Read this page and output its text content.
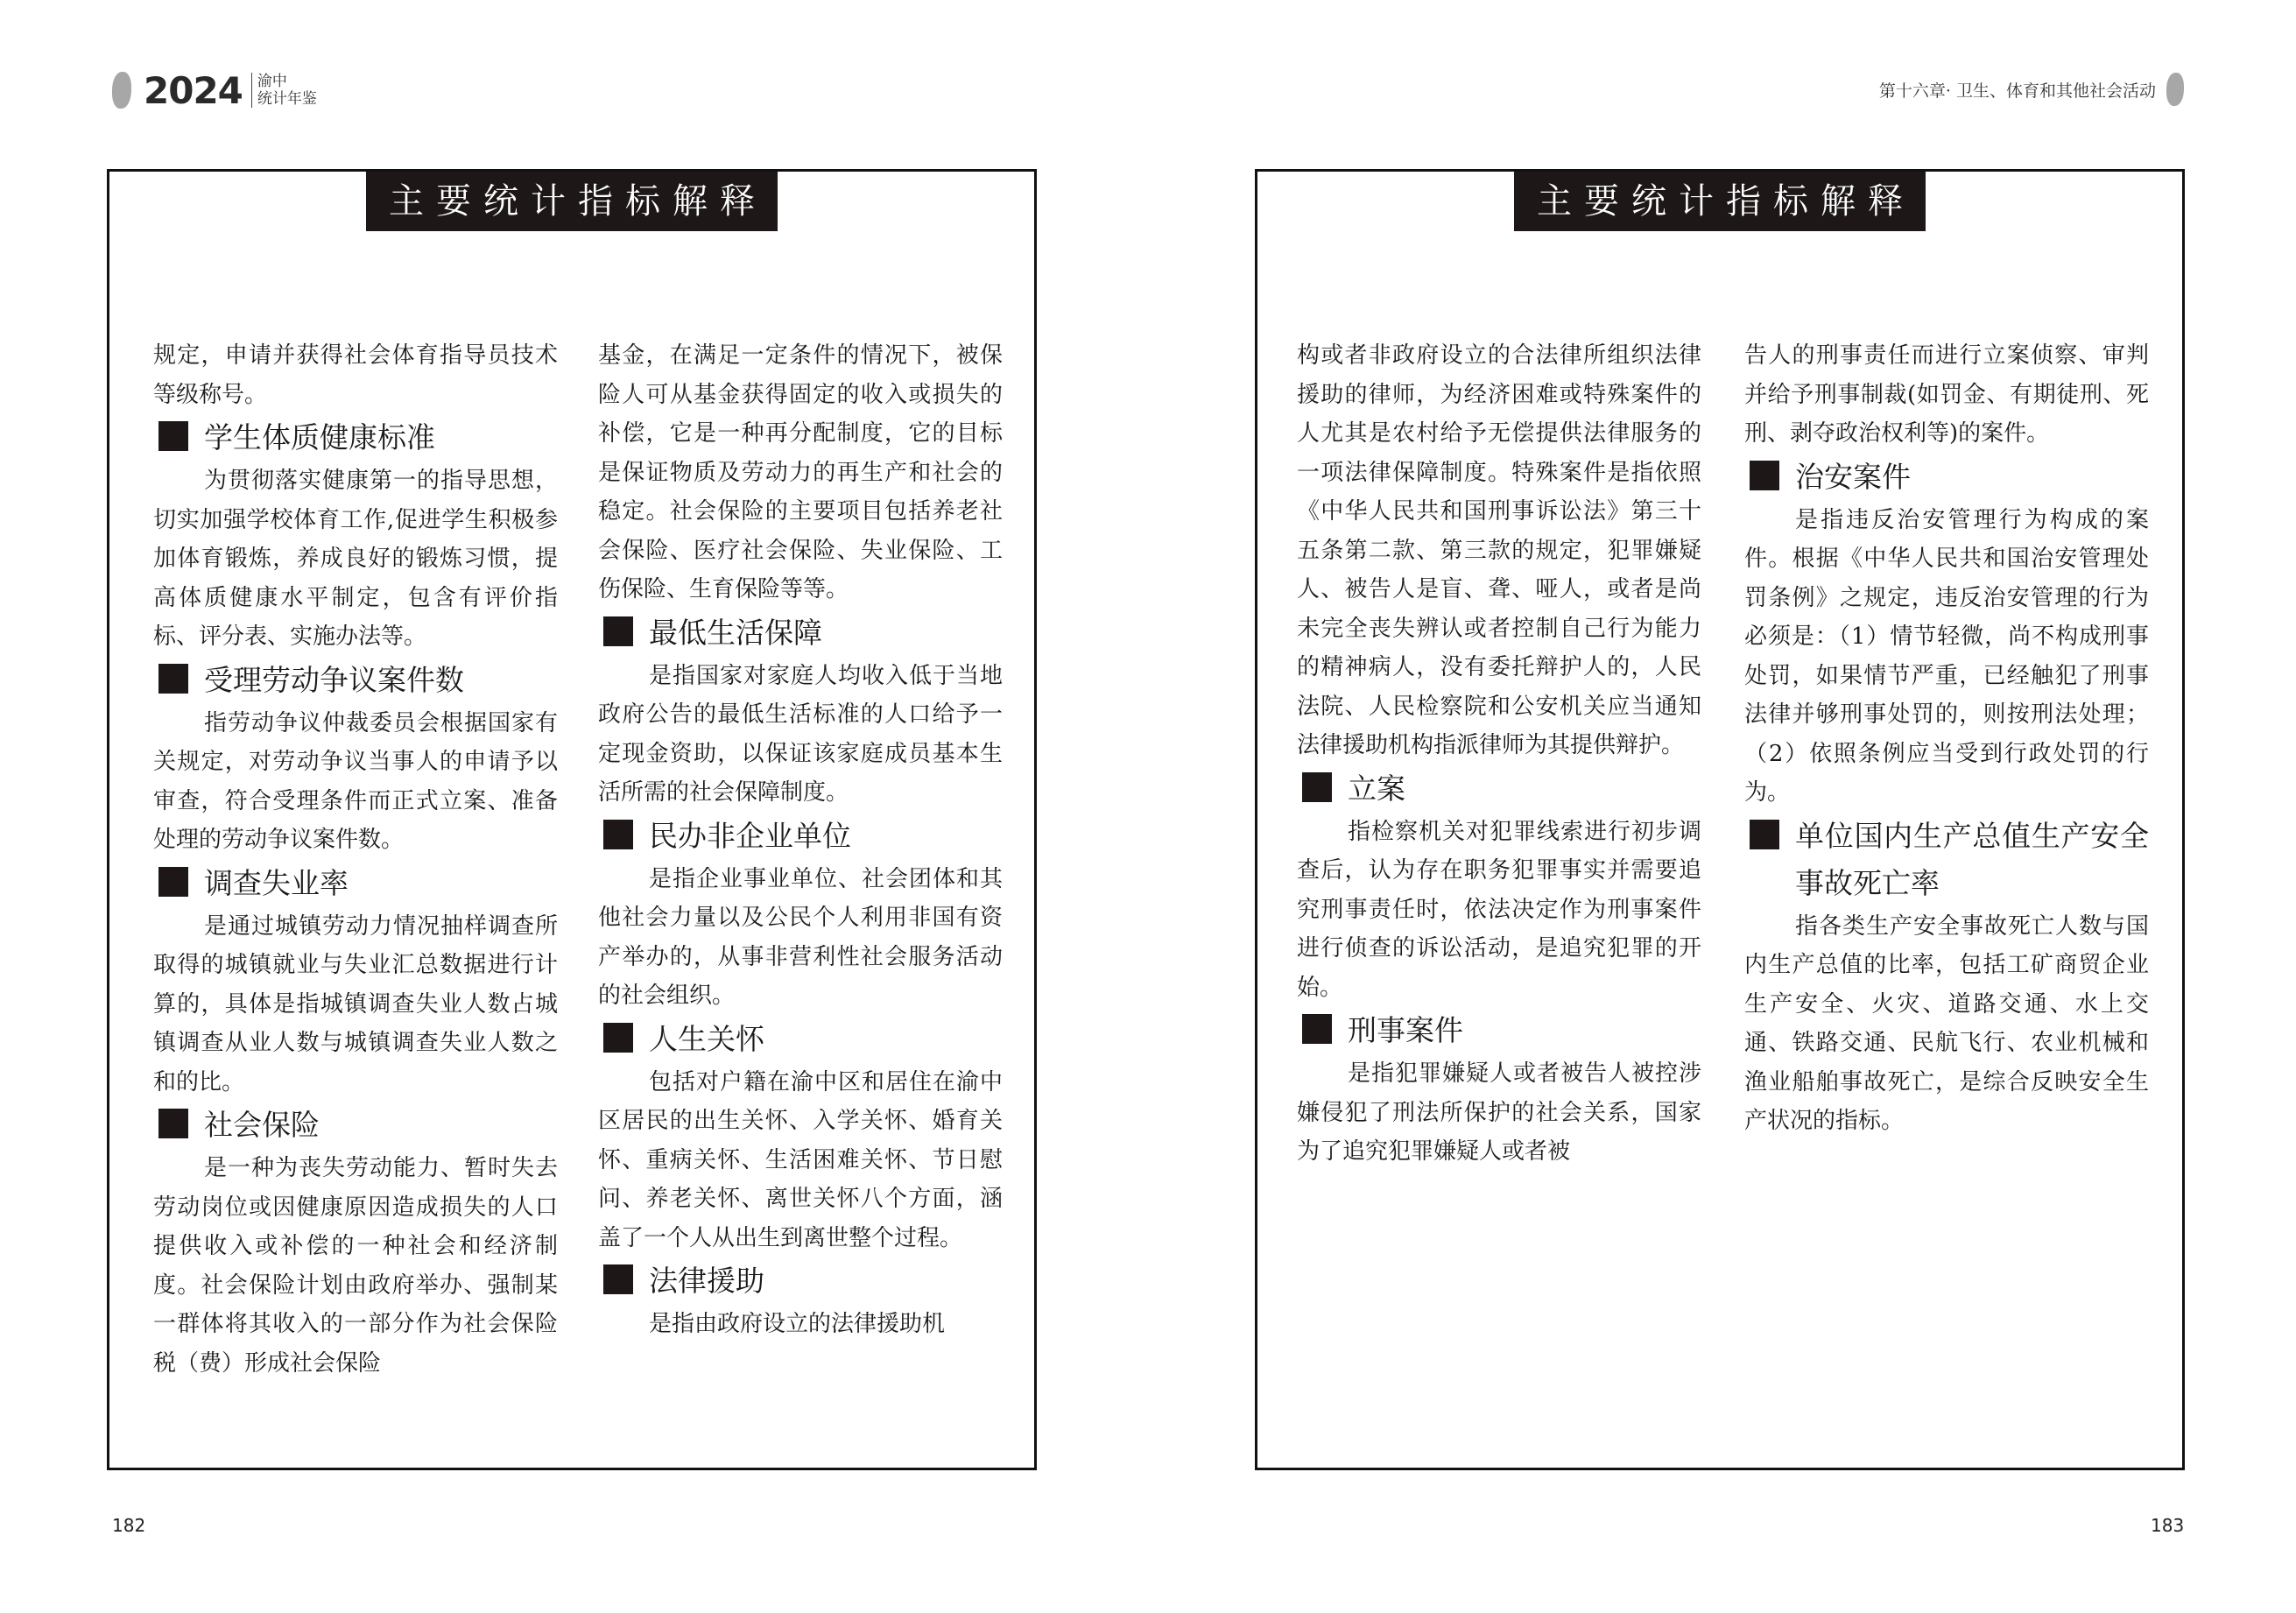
2024	渝中
统计年鉴	第十六章· 卫生、体育和其他社会活动
主要统计指标解释

规定，申请并获得社会体育指导员技术等级称号。

学生体质健康标准

为贯彻落实健康第一的指导思想，切实加强学校体育工作,促进学生积极参加体育锻炼，养成良好的锻炼习惯，提高体质健康水平制定，包含有评价指标、评分表、实施办法等。

受理劳动争议案件数

指劳动争议仲裁委员会根据国家有关规定，对劳动争议当事人的申请予以审查，符合受理条件而正式立案、准备处理的劳动争议案件数。

调查失业率

是通过城镇劳动力情况抽样调查所取得的城镇就业与失业汇总数据进行计算的，具体是指城镇调查失业人数占城镇调查从业人数与城镇调查失业人数之和的比。

社会保险

是一种为丧失劳动能力、暂时失去劳动岗位或因健康原因造成损失的人口提供收入或补偿的一种社会和经济制度。社会保险计划由政府举办、强制某一群体将其收入的一部分作为社会保险税（费）形成社会保险

基金，在满足一定条件的情况下，被保险人可从基金获得固定的收入或损失的补偿，它是一种再分配制度，它的目标是保证物质及劳动力的再生产和社会的稳定。社会保险的主要项目包括养老社会保险、医疗社会保险、失业保险、工伤保险、生育保险等等。

最低生活保障

是指国家对家庭人均收入低于当地政府公告的最低生活标准的人口给予一定现金资助，以保证该家庭成员基本生活所需的社会保障制度。

民办非企业单位

是指企业事业单位、社会团体和其他社会力量以及公民个人利用非国有资产举办的，从事非营利性社会服务活动的社会组织。

人生关怀

包括对户籍在渝中区和居住在渝中区居民的出生关怀、入学关怀、婚育关怀、重病关怀、生活困难关怀、节日慰问、养老关怀、离世关怀八个方面，涵盖了一个人从出生到离世整个过程。

法律援助

是指由政府设立的法律援助机

主要统计指标解释

构或者非政府设立的合法律所组织法律援助的律师，为经济困难或特殊案件的人尤其是农村给予无偿提供法律服务的一项法律保障制度。特殊案件是指依照《中华人民共和国刑事诉讼法》第三十五条第二款、第三款的规定，犯罪嫌疑人、被告人是盲、聋、哑人，或者是尚未完全丧失辨认或者控制自己行为能力的精神病人，没有委托辩护人的，人民法院、人民检察院和公安机关应当通知法律援助机构指派律师为其提供辩护。

立案

指检察机关对犯罪线索进行初步调查后，认为存在职务犯罪事实并需要追究刑事责任时，依法决定作为刑事案件进行侦查的诉讼活动，是追究犯罪的开始。

刑事案件

是指犯罪嫌疑人或者被告人被控涉嫌侵犯了刑法所保护的社会关系，国家为了追究犯罪嫌疑人或者被

告人的刑事责任而进行立案侦察、审判并给予刑事制裁(如罚金、有期徒刑、死刑、剥夺政治权利等)的案件。

治安案件

是指违反治安管理行为构成的案件。根据《中华人民共和国治安管理处罚条例》之规定，违反治安管理的行为必须是：（1）情节轻微，尚不构成刑事处罚，如果情节严重，已经触犯了刑事法律并够刑事处罚的，则按刑法处理；（2）依照条例应当受到行政处罚的行为。

单位国内生产总值生产安全事故死亡率

指各类生产安全事故死亡人数与国内生产总值的比率，包括工矿商贸企业生产安全、火灾、道路交通、水上交通、铁路交通、民航飞行、农业机械和渔业船舶事故死亡，是综合反映安全生产状况的指标。

182	183
